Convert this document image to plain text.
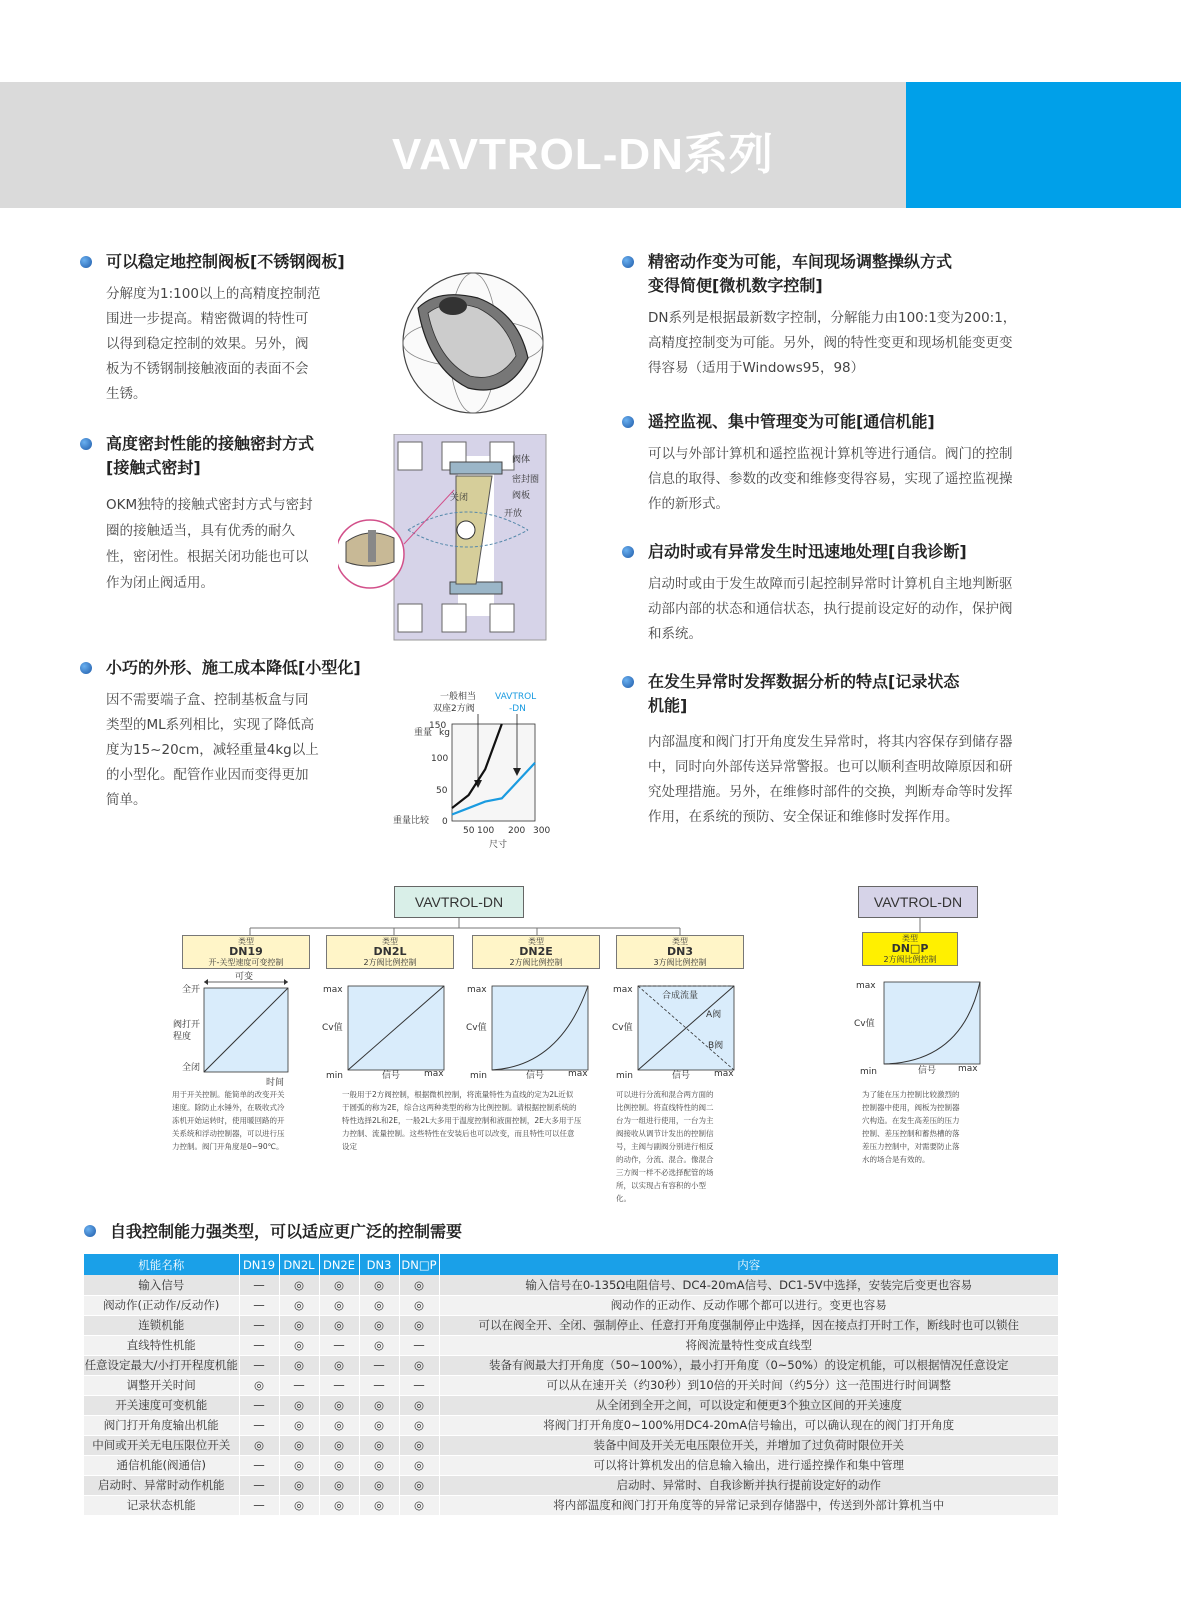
VAVTROL-DN系列
可以稳定地控制阀板[不锈钢阀板]
分解度为1:100以上的高精度控制范
围进一步提高。精密微调的特性可
以得到稳定控制的效果。另外，阀
板为不锈钢制接触液面的表面不会
生锈。
高度密封性能的接触密封方式
[接触式密封]
OKM独特的接触式密封方式与密封
圈的接触适当，具有优秀的耐久
性，密闭性。根据关闭功能也可以
作为闭止阀适用。
小巧的外形、施工成本降低[小型化]
因不需要端子盒、控制基板盒与同
类型的ML系列相比，实现了降低高
度为15~20cm，减轻重量4kg以上
的小型化。配管作业因而变得更加
简单。
精密动作变为可能，车间现场调整操纵方式
变得简便[微机数字控制]
DN系列是根据最新数字控制，分解能力由100:1变为200:1，
高精度控制变为可能。另外，阀的特性变更和现场机能变更变
得容易（适用于Windows95，98）
遥控监视、集中管理变为可能[通信机能]
可以与外部计算机和遥控监视计算机等进行通信。阀门的控制
信息的取得、参数的改变和维修变得容易，实现了遥控监视操
作的新形式。
启动时或有异常发生时迅速地处理[自我诊断]
启动时或由于发生故障而引起控制异常时计算机自主地判断驱
动部内部的状态和通信状态，执行提前设定好的动作，保护阀
和系统。
在发生异常时发挥数据分析的特点[记录状态
机能]
内部温度和阀门打开角度发生异常时，将其内容保存到储存器
中，同时向外部传送异常警报。也可以顺利查明故障原因和研
究处理措施。另外，在维修时部件的交换，判断寿命等时发挥
作用，在系统的预防、安全保证和维修时发挥作用。
阀体
密封圈
阀板
开放
关闭
一般相当
双座2方阀
VAVTROL
-DN
重量 kg
150
100
50
0
重量比较
50 100 200 300
尺寸
VAVTROL-DN	VAVTROL-DN
类型
DN19
开-关型速度可变控制
类型
DN2L
2方阀比例控制
类型
DN2E
2方阀比例控制
类型
DN3
3方阀比例控制
类型
DN□P
2方阀比例控制
可变
全开
阀打开
程度
全闭
时间
max
Cv值
min	信号	max
max
Cv值
min	信号	max
合成流量
A阀
B阀
max
Cv值
min	信号	max
max
Cv值
min	信号 max
用于开关控制。能简单的改变开关
速度。除防止水锤外，在吸收式冷
冻机开始运转时，使用暖回路的开
关系统和浮动控制器，可以进行压
力控制。阀门开角度是0~90℃。
一般用于2方阀控制，根据微机控制，将流量特性为直线的定为2L近似
于圆弧的称为2E，综合这两种类型的称为比例控制。请根据控制系统的
特性选择2L和2E，一般2L大多用于温度控制和液面控制，2E大多用于压
力控制、流量控制。这些特性在安装后也可以改变，而且特性可以任意
设定
可以进行分流和混合两方面的
比例控制。将直线特性的阀二
台为一组进行使用，一台为主
阀接收从调节计发出的控制信
号，主阀与副阀分别进行相反
的动作，分流、混合。像混合
三方阀一样不必选择配管的场
所，以实现占有容积的小型
化。
为了能在压力控制比较激烈的
控制器中使用，阀板为控制器
穴构造。在发生高差压的压力
控制、差压控制和蓄热槽的落
差压力控制中，对需要防止落
水的场合是有效的。
自我控制能力强类型，可以适应更广泛的控制需要
机能名称	DN19	DN2L	DN2E	DN3	DN□P	内容
输入信号	—	◎	◎	◎	◎	输入信号在0-135Ω电阻信号、DC4-20mA信号、DC1-5V中选择，安装完后变更也容易
阀动作(正动作/反动作)	—	◎	◎	◎	◎	阀动作的正动作、反动作哪个都可以进行。变更也容易
连锁机能	—	◎	◎	◎	◎	可以在阀全开、全闭、强制停止、任意打开角度强制停止中选择，因在接点打开时工作，断线时也可以锁住
直线特性机能	—	◎	—	◎	—	将阀流量特性变成直线型
任意设定最大/小打开程度机能	—	◎	◎	—	◎	装备有阀最大打开角度（50~100%），最小打开角度（0~50%）的设定机能，可以根据情况任意设定
调整开关时间	◎	—	—	—	—	可以从在速开关（约30秒）到10倍的开关时间（约5分）这一范围进行时间调整
开关速度可变机能	—	◎	◎	◎	◎	从全闭到全开之间，可以设定和便更3个独立区间的开关速度
阀门打开角度输出机能	—	◎	◎	◎	◎	将阀门打开角度0~100%用DC4-20mA信号输出，可以确认现在的阀门打开角度
中间或开关无电压限位开关	◎	◎	◎	◎	◎	装备中间及开关无电压限位开关，并增加了过负荷时限位开关
通信机能(阀通信)	—	◎	◎	◎	◎	可以将计算机发出的信息输入输出，进行遥控操作和集中管理
启动时、异常时动作机能	—	◎	◎	◎	◎	启动时、异常时、自我诊断并执行提前设定好的动作
记录状态机能	—	◎	◎	◎	◎	将内部温度和阀门打开角度等的异常记录到存储器中，传送到外部计算机当中
